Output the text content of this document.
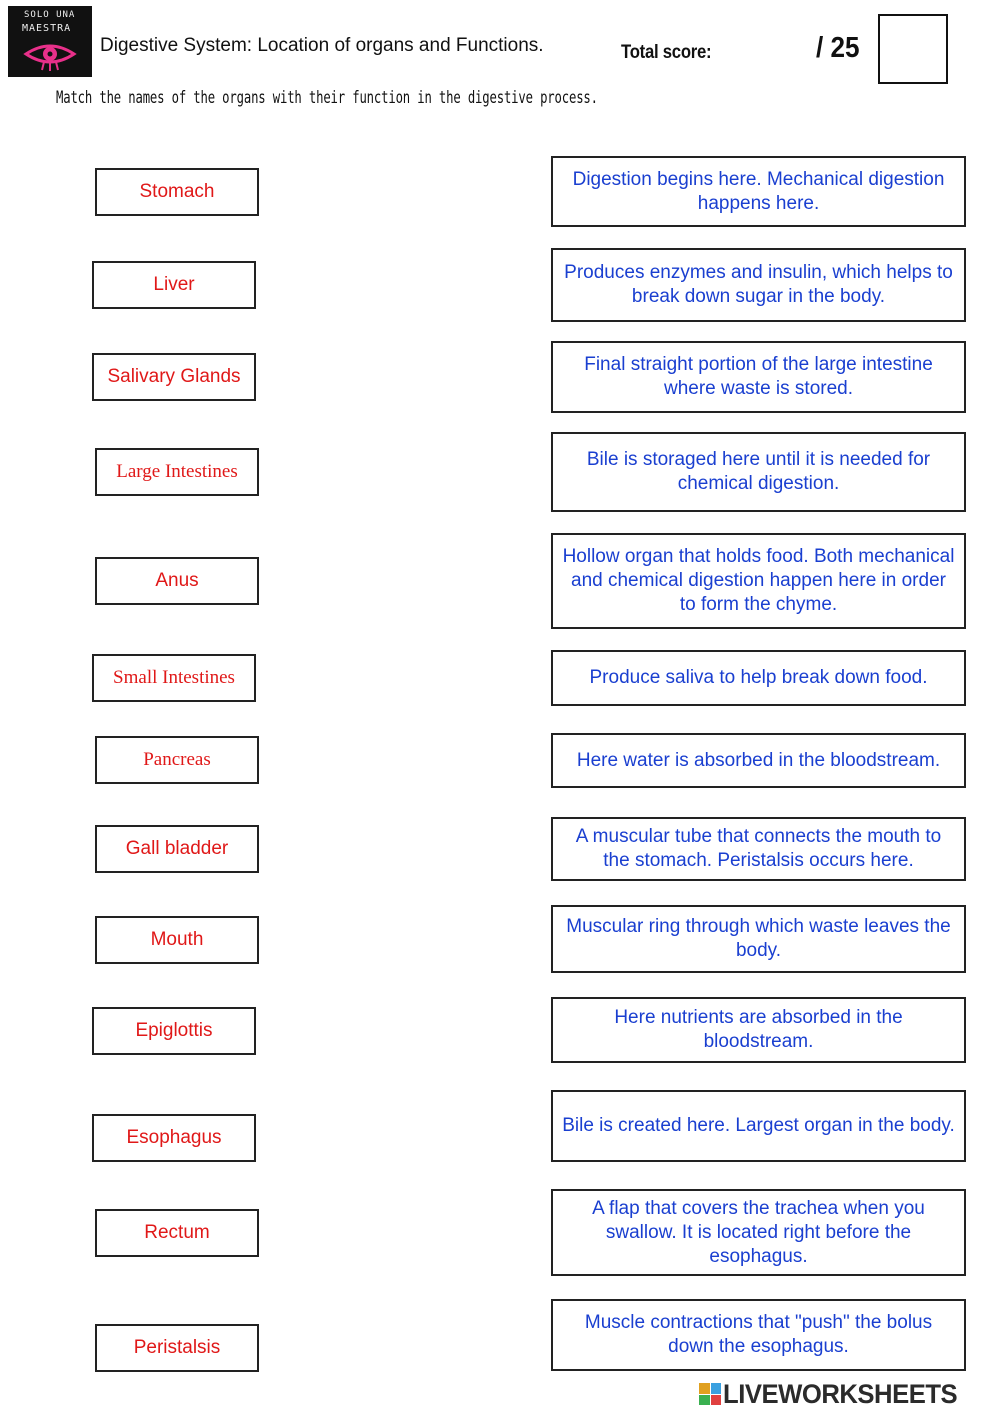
SOLO UNA
MAESTRA
Digestive System: Location of organs and Functions.	Total score:	/ 25
Match the names of the organs with their function in the digestive process.
Stomach
Liver
Salivary Glands
Large Intestines
Anus
Small Intestines
Pancreas
Gall bladder
Mouth
Epiglottis
Esophagus
Rectum
Peristalsis
Digestion begins here. Mechanical digestion happens here.
Produces enzymes and insulin, which helps to break down sugar in the body.
Final straight portion of the large intestine where waste is stored.
Bile is storaged here until it is needed for chemical digestion.
Hollow organ that holds food. Both mechanical and chemical digestion happen here in order to form the chyme.
Produce saliva to help break down food.
Here water is absorbed in the bloodstream.
A muscular tube that connects the mouth to the stomach. Peristalsis occurs here.
Muscular ring through which waste leaves the body.
Here nutrients are absorbed in the bloodstream.
Bile is created here. Largest organ in the body.
A flap that covers the trachea when you swallow. It is located right before the esophagus.
Muscle contractions that "push" the bolus down the esophagus.
LIVEWORKSHEETS
